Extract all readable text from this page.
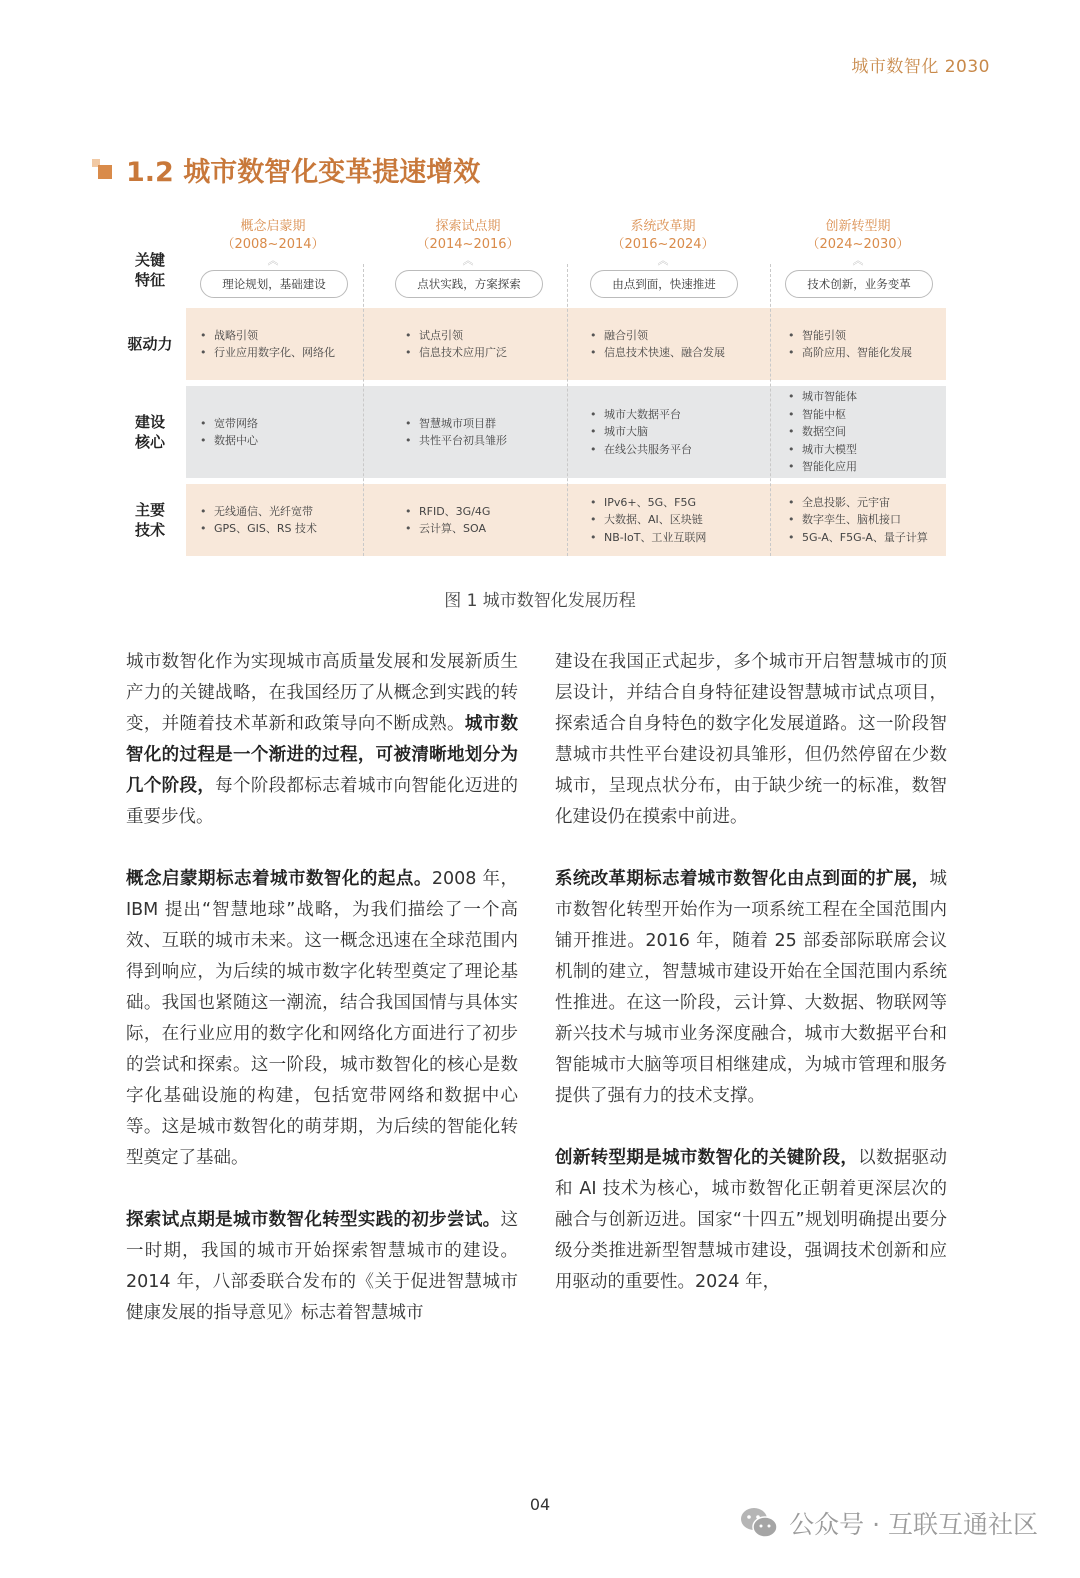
城市数智化 2030
1.2 城市数智化变革提速增效
关键
特征
驱动力
建设
核心
主要
技术
概念启蒙期
（2008~2014）
︽
理论规划，基础建设
• 战略引领
• 行业应用数字化、网络化
• 宽带网络
• 数据中心
• 无线通信、光纤宽带
• GPS、GIS、RS 技术
探索试点期
（2014~2016）
︽
点状实践，方案探索
• 试点引领
• 信息技术应用广泛
• 智慧城市项目群
• 共性平台初具雏形
• RFID、3G/4G
• 云计算、SOA
系统改革期
（2016~2024）
︽
由点到面，快速推进
• 融合引领
• 信息技术快速、融合发展
• 城市大数据平台
• 城市大脑
• 在线公共服务平台
• IPv6+、5G、F5G
• 大数据、AI、区块链
• NB-IoT、工业互联网
创新转型期
（2024~2030）
︽
技术创新，业务变革
• 智能引领
• 高阶应用、智能化发展
• 城市智能体
• 智能中枢
• 数据空间
• 城市大模型
• 智能化应用
• 全息投影、元宇宙
• 数字孪生、脑机接口
• 5G-A、F5G-A、量子计算
图 1 城市数智化发展历程

城市数智化作为实现城市高质量发展和发展新质生产力的关键战略，在我国经历了从概念到实践的转变，并随着技术革新和政策导向不断成熟。城市数智化的过程是一个渐进的过程，可被清晰地划分为几个阶段，每个阶段都标志着城市向智能化迈进的重要步伐。

概念启蒙期标志着城市数智化的起点。2008 年，IBM 提出“智慧地球”战略，为我们描绘了一个高效、互联的城市未来。这一概念迅速在全球范围内得到响应，为后续的城市数字化转型奠定了理论基础。我国也紧随这一潮流，结合我国国情与具体实际，在行业应用的数字化和网络化方面进行了初步的尝试和探索。这一阶段，城市数智化的核心是数字化基础设施的构建，包括宽带网络和数据中心等。这是城市数智化的萌芽期，为后续的智能化转型奠定了基础。

探索试点期是城市数智化转型实践的初步尝试。这一时期，我国的城市开始探索智慧城市的建设。2014 年，八部委联合发布的《关于促进智慧城市健康发展的指导意见》标志着智慧城市

建设在我国正式起步，多个城市开启智慧城市的顶层设计，并结合自身特征建设智慧城市试点项目，探索适合自身特色的数字化发展道路。这一阶段智慧城市共性平台建设初具雏形，但仍然停留在少数城市，呈现点状分布，由于缺少统一的标准，数智化建设仍在摸索中前进。

系统改革期标志着城市数智化由点到面的扩展，城市数智化转型开始作为一项系统工程在全国范围内铺开推进。2016 年，随着 25 部委部际联席会议机制的建立，智慧城市建设开始在全国范围内系统性推进。在这一阶段，云计算、大数据、物联网等新兴技术与城市业务深度融合，城市大数据平台和智能城市大脑等项目相继建成，为城市管理和服务提供了强有力的技术支撑。

创新转型期是城市数智化的关键阶段，以数据驱动和 AI 技术为核心，城市数智化正朝着更深层次的融合与创新迈进。国家“十四五”规划明确提出要分级分类推进新型智慧城市建设，强调技术创新和应用驱动的重要性。2024 年，

04
公众号 · 互联互通社区
